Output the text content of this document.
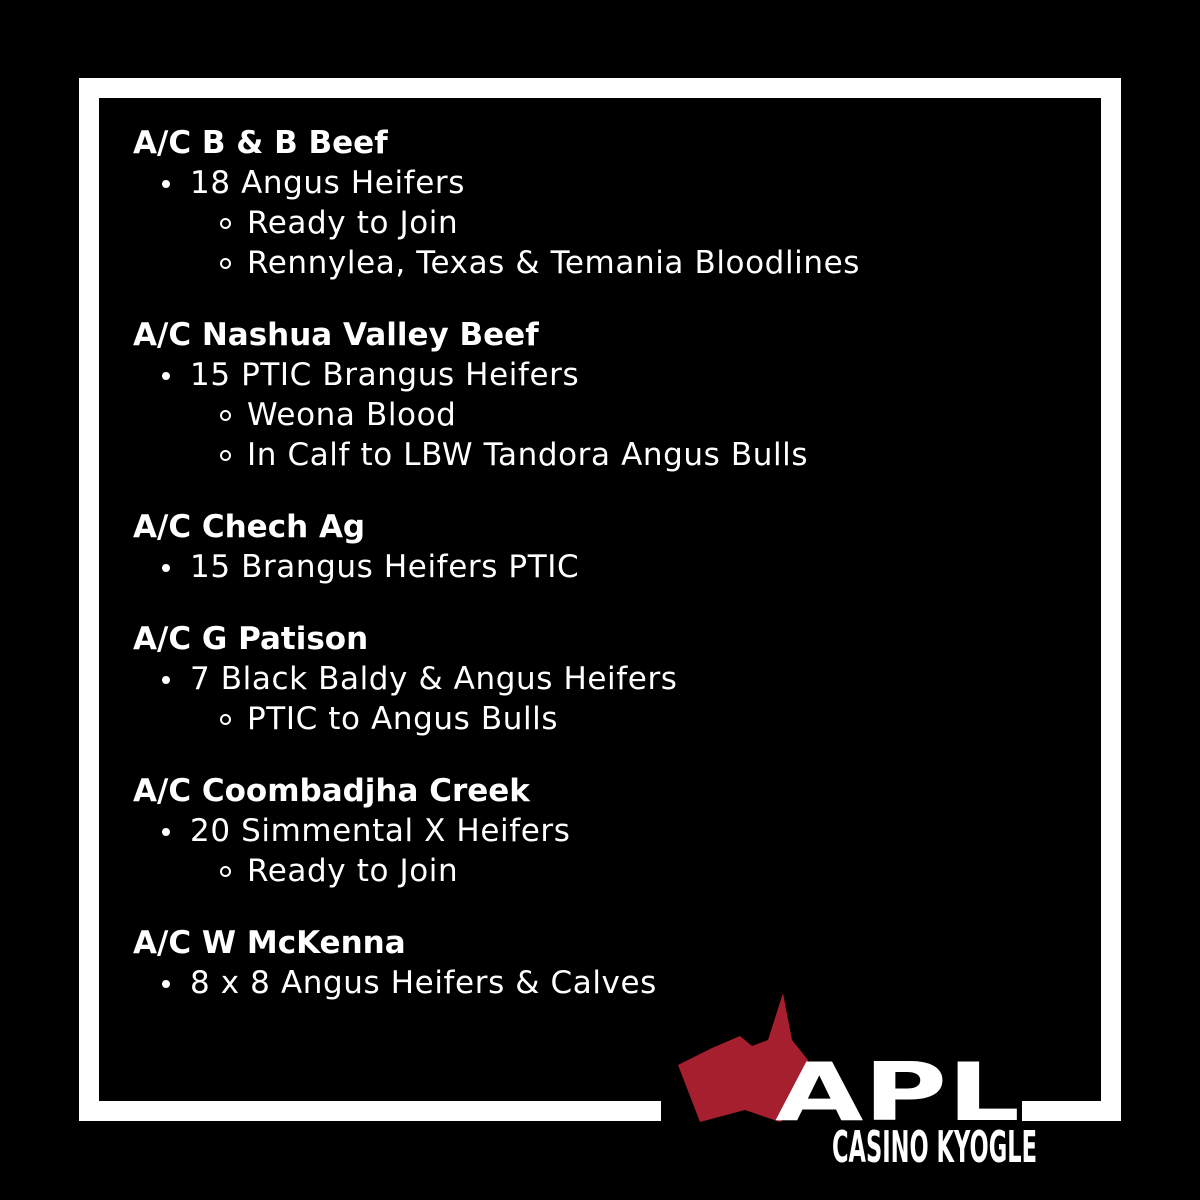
A/C B & B Beef
18 Angus Heifers
Ready to Join
Rennylea, Texas & Temania Bloodlines
A/C Nashua Valley Beef
15 PTIC Brangus Heifers
Weona Blood
In Calf to LBW Tandora Angus Bulls
A/C Chech Ag
15 Brangus Heifers PTIC
A/C G Patison
7 Black Baldy & Angus Heifers
PTIC to Angus Bulls
A/C Coombadjha Creek
20 Simmental X Heifers
Ready to Join
A/C W McKenna
8 x 8 Angus Heifers & Calves
APL
CASINO KYOGLE
